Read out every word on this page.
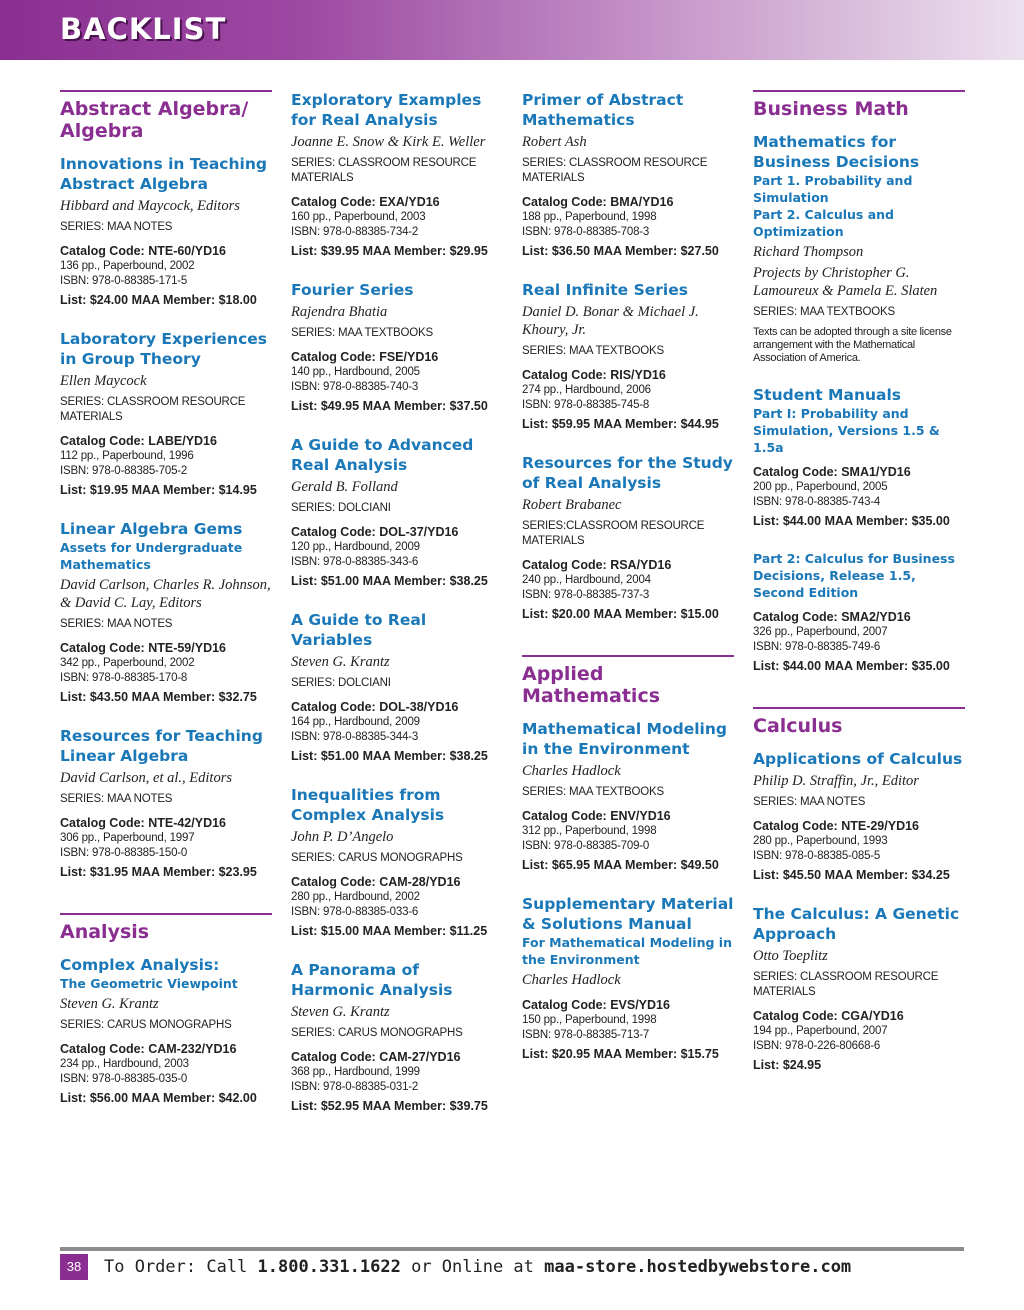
BACKLIST
Abstract Algebra/ Algebra
Innovations in Teaching Abstract Algebra
Hibbard and Maycock, Editors
SERIES: MAA NOTES
Catalog Code: NTE-60/YD16
136 pp., Paperbound, 2002
ISBN: 978-0-88385-171-5
List: $24.00 MAA Member: $18.00
Laboratory Experiences in Group Theory
Ellen Maycock
SERIES: CLASSROOM RESOURCE MATERIALS
Catalog Code: LABE/YD16
112 pp., Paperbound, 1996
ISBN: 978-0-88385-705-2
List: $19.95 MAA Member: $14.95
Linear Algebra Gems
Assets for Undergraduate Mathematics
David Carlson, Charles R. Johnson, & David C. Lay, Editors
SERIES: MAA NOTES
Catalog Code: NTE-59/YD16
342 pp., Paperbound, 2002
ISBN: 978-0-88385-170-8
List: $43.50 MAA Member: $32.75
Resources for Teaching Linear Algebra
David Carlson, et al., Editors
SERIES: MAA NOTES
Catalog Code: NTE-42/YD16
306 pp., Paperbound, 1997
ISBN: 978-0-88385-150-0
List: $31.95 MAA Member: $23.95
Analysis
Complex Analysis:
The Geometric Viewpoint
Steven G. Krantz
SERIES: CARUS MONOGRAPHS
Catalog Code: CAM-232/YD16
234 pp., Hardbound, 2003
ISBN: 978-0-88385-035-0
List: $56.00 MAA Member: $42.00
Exploratory Examples for Real Analysis
Joanne E. Snow & Kirk E. Weller
SERIES: CLASSROOM RESOURCE MATERIALS
Catalog Code: EXA/YD16
160 pp., Paperbound, 2003
ISBN: 978-0-88385-734-2
List: $39.95 MAA Member: $29.95
Fourier Series
Rajendra Bhatia
SERIES: MAA TEXTBOOKS
Catalog Code: FSE/YD16
140 pp., Hardbound, 2005
ISBN: 978-0-88385-740-3
List: $49.95 MAA Member: $37.50
A Guide to Advanced Real Analysis
Gerald B. Folland
SERIES: DOLCIANI
Catalog Code: DOL-37/YD16
120 pp., Hardbound, 2009
ISBN: 978-0-88385-343-6
List: $51.00 MAA Member: $38.25
A Guide to Real Variables
Steven G. Krantz
SERIES: DOLCIANI
Catalog Code: DOL-38/YD16
164 pp., Hardbound, 2009
ISBN: 978-0-88385-344-3
List: $51.00 MAA Member: $38.25
Inequalities from Complex Analysis
John P. D’Angelo
SERIES: CARUS MONOGRAPHS
Catalog Code: CAM-28/YD16
280 pp., Hardbound, 2002
ISBN: 978-0-88385-033-6
List: $15.00 MAA Member: $11.25
A Panorama of Harmonic Analysis
Steven G. Krantz
SERIES: CARUS MONOGRAPHS
Catalog Code: CAM-27/YD16
368 pp., Hardbound, 1999
ISBN: 978-0-88385-031-2
List: $52.95 MAA Member: $39.75
Primer of Abstract Mathematics
Robert Ash
SERIES: CLASSROOM RESOURCE MATERIALS
Catalog Code: BMA/YD16
188 pp., Paperbound, 1998
ISBN: 978-0-88385-708-3
List: $36.50 MAA Member: $27.50
Real Infinite Series
Daniel D. Bonar & Michael J. Khoury, Jr.
SERIES: MAA TEXTBOOKS
Catalog Code: RIS/YD16
274 pp., Hardbound, 2006
ISBN: 978-0-88385-745-8
List: $59.95 MAA Member: $44.95
Resources for the Study of Real Analysis
Robert Brabanec
SERIES:CLASSROOM RESOURCE MATERIALS
Catalog Code: RSA/YD16
240 pp., Hardbound, 2004
ISBN: 978-0-88385-737-3
List: $20.00 MAA Member: $15.00
Applied Mathematics
Mathematical Modeling in the Environment
Charles Hadlock
SERIES: MAA TEXTBOOKS
Catalog Code: ENV/YD16
312 pp., Paperbound, 1998
ISBN: 978-0-88385-709-0
List: $65.95 MAA Member: $49.50
Supplementary Material & Solutions Manual
For Mathematical Modeling in the Environment
Charles Hadlock
Catalog Code: EVS/YD16
150 pp., Paperbound, 1998
ISBN: 978-0-88385-713-7
List: $20.95 MAA Member: $15.75
Business Math
Mathematics for Business Decisions
Part 1. Probability and Simulation
Part 2. Calculus and Optimization
Richard Thompson
Projects by Christopher G. Lamoureux & Pamela E. Slaten
SERIES: MAA TEXTBOOKS
Texts can be adopted through a site license arrangement with the Mathematical Association of America.
Student Manuals
Part I: Probability and Simulation, Versions 1.5 & 1.5a
Catalog Code: SMA1/YD16
200 pp., Paperbound, 2005
ISBN: 978-0-88385-743-4
List: $44.00 MAA Member: $35.00
Part 2: Calculus for Business Decisions, Release 1.5, Second Edition
Catalog Code: SMA2/YD16
326 pp., Paperbound, 2007
ISBN: 978-0-88385-749-6
List: $44.00 MAA Member: $35.00
Calculus
Applications of Calculus
Philip D. Straffin, Jr., Editor
SERIES: MAA NOTES
Catalog Code: NTE-29/YD16
280 pp., Paperbound, 1993
ISBN: 978-0-88385-085-5
List: $45.50 MAA Member: $34.25
The Calculus: A Genetic Approach
Otto Toeplitz
SERIES: CLASSROOM RESOURCE MATERIALS
Catalog Code: CGA/YD16
194 pp., Paperbound, 2007
ISBN: 978-0-226-80668-6
List: $24.95
38	To Order: Call 1.800.331.1622 or Online at maa-store.hostedbywebstore.com
